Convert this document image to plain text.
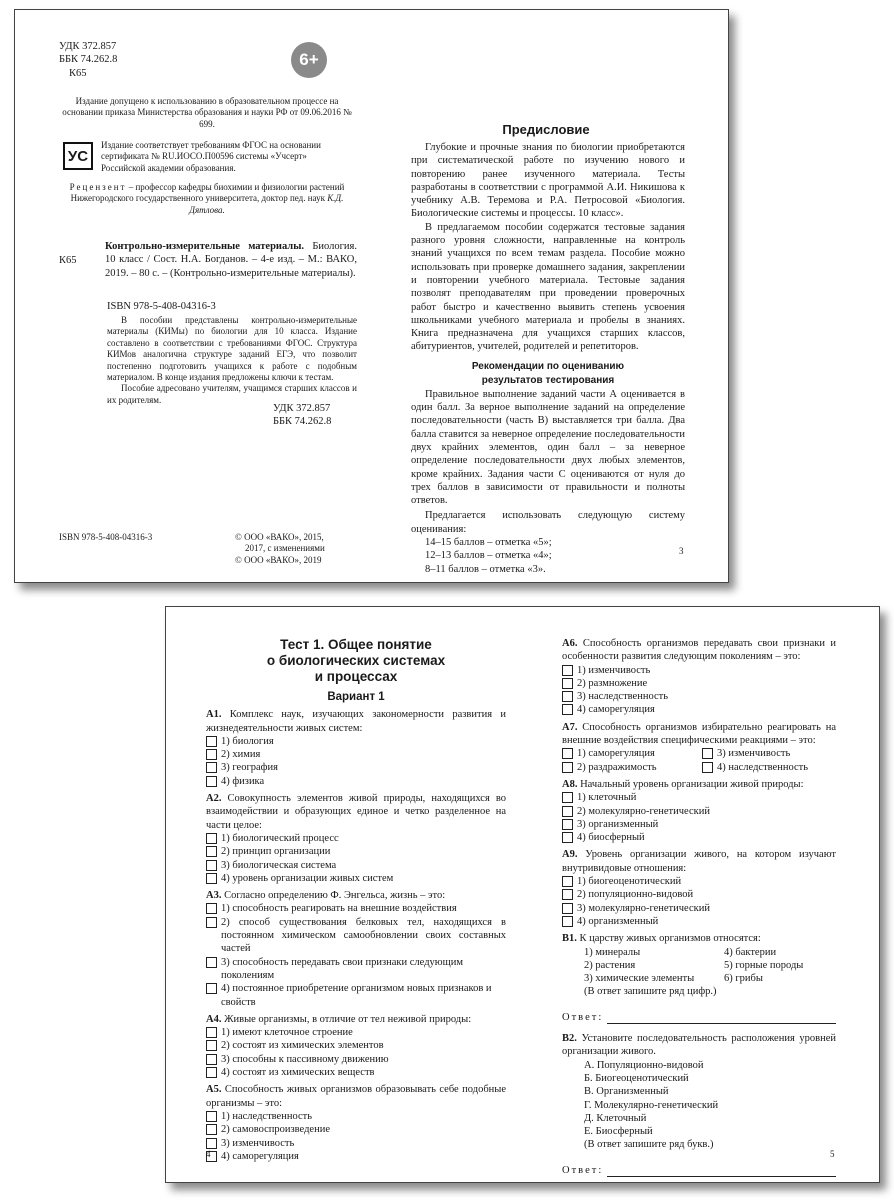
УДК 372.857
ББК 74.262.8
К65
6+
Издание допущено к использованию в образовательном процессе на основании приказа Министерства образования и науки РФ от 09.06.2016 № 699.
УС
Издание соответствует требованиям ФГОС на основании сертификата № RU.ИОСО.П00596 системы «Учсерт» Российской академии образования.
Рецензент – профессор кафедры биохимии и физиологии растений Нижегородского государственного университета, доктор пед. наук К.Д. Дятлова.
К65
Контрольно-измерительные материалы. Биология. 10 класс / Сост. Н.А. Богданов. – 4-е изд. – М.: ВАКО, 2019. – 80 с. – (Контрольно-измерительные материалы).
ISBN 978-5-408-04316-3

В пособии представлены контрольно-измерительные материалы (КИМы) по биологии для 10 класса. Издание составлено в соответствии с требованиями ФГОС. Структура КИМов аналогична структуре заданий ЕГЭ, что позволит постепенно подготовить учащихся к работе с подобным материалом. В конце издания предложены ключи к тестам.

Пособие адресовано учителям, учащимся старших классов и их родителям.

УДК 372.857
ББК 74.262.8
ISBN 978-5-408-04316-3	© ООО «ВАКО», 2015,
2017, с изменениями
© ООО «ВАКО», 2019
Предисловие

Глубокие и прочные знания по биологии приобретаются при систематической работе по изучению нового и повторению ранее изученного материала. Тесты разработаны в соответствии с программой А.И. Никишова к учебнику А.В. Теремова и Р.А. Петросовой «Биология. Биологические системы и процессы. 10 класс».

В предлагаемом пособии содержатся тестовые задания разного уровня сложности, направленные на контроль знаний учащихся по всем темам раздела. Пособие можно использовать при проверке домашнего задания, закреплении и повторении учебного материала. Тестовые задания позволят преподавателям при проведении проверочных работ быстро и качественно выявить степень усвоения школьниками учебного материала и пробелы в знаниях. Книга предназначена для учащихся старших классов, абитуриентов, учителей, родителей и репетиторов.

Рекомендации по оцениванию
результатов тестирования

Правильное выполнение заданий части А оценивается в один балл. За верное выполнение заданий на определение последовательности (часть В) выставляется три балла. Два балла ставится за неверное определение последовательности двух крайних элементов, один балл – за неверное определение последовательности двух любых элементов, кроме крайних. Задания части С оцениваются от нуля до трех баллов в зависимости от правильности и полноты ответов.

Предлагается использовать следующую систему оценивания:

14–15 баллов – отметка «5»;
12–13 баллов – отметка «4»;
8–11 баллов – отметка «3».
3
Тест 1. Общее понятие
о биологических системах
и процессах
Вариант 1
А1. Комплекс наук, изучающих закономерности развития и жизнедеятельности живых систем:
1) биология
2) химия
3) география
4) физика
А2. Совокупность элементов живой природы, находящихся во взаимодействии и образующих единое и четко разделенное на части целое:
1) биологический процесс
2) принцип организации
3) биологическая система
4) уровень организации живых систем
А3. Согласно определению Ф. Энгельса, жизнь – это:
1) способность реагировать на внешние воздействия
2) способ существования белковых тел, находящихся в постоянном химическом самообновлении своих составных частей
3) способность передавать свои признаки следующим поколениям
4) постоянное приобретение организмом новых признаков и свойств
А4. Живые организмы, в отличие от тел неживой природы:
1) имеют клеточное строение
2) состоят из химических элементов
3) способны к пассивному движению
4) состоят из химических веществ
А5. Способность живых организмов образовывать себе подобные организмы – это:
1) наследственность
2) самовоспроизведение
3) изменчивость
4) саморегуляция
А6. Способность организмов передавать свои признаки и особенности развития следующим поколениям – это:
1) изменчивость
2) размножение
3) наследственность
4) саморегуляция
А7. Способность организмов избирательно реагировать на внешние воздействия специфическими реакциями – это:
1) саморегуляция	3) изменчивость
2) раздражимость	4) наследственность
А8. Начальный уровень организации живой природы:
1) клеточный
2) молекулярно-генетический
3) организменный
4) биосферный
А9. Уровень организации живого, на котором изучают внутривидовые отношения:
1) биогеоценотический
2) популяционно-видовой
3) молекулярно-генетический
4) организменный
В1. К царству живых организмов относятся:
1) минералы	4) бактерии
2) растения	5) горные породы
3) химические элементы	6) грибы
(В ответ запишите ряд цифр.)
Ответ:
В2. Установите последовательность расположения уровней организации живого.
А. Популяционно-видовой
Б. Биогеоценотический
В. Организменный
Г. Молекулярно-генетический
Д. Клеточный
Е. Биосферный
(В ответ запишите ряд букв.)
Ответ:
4	5
